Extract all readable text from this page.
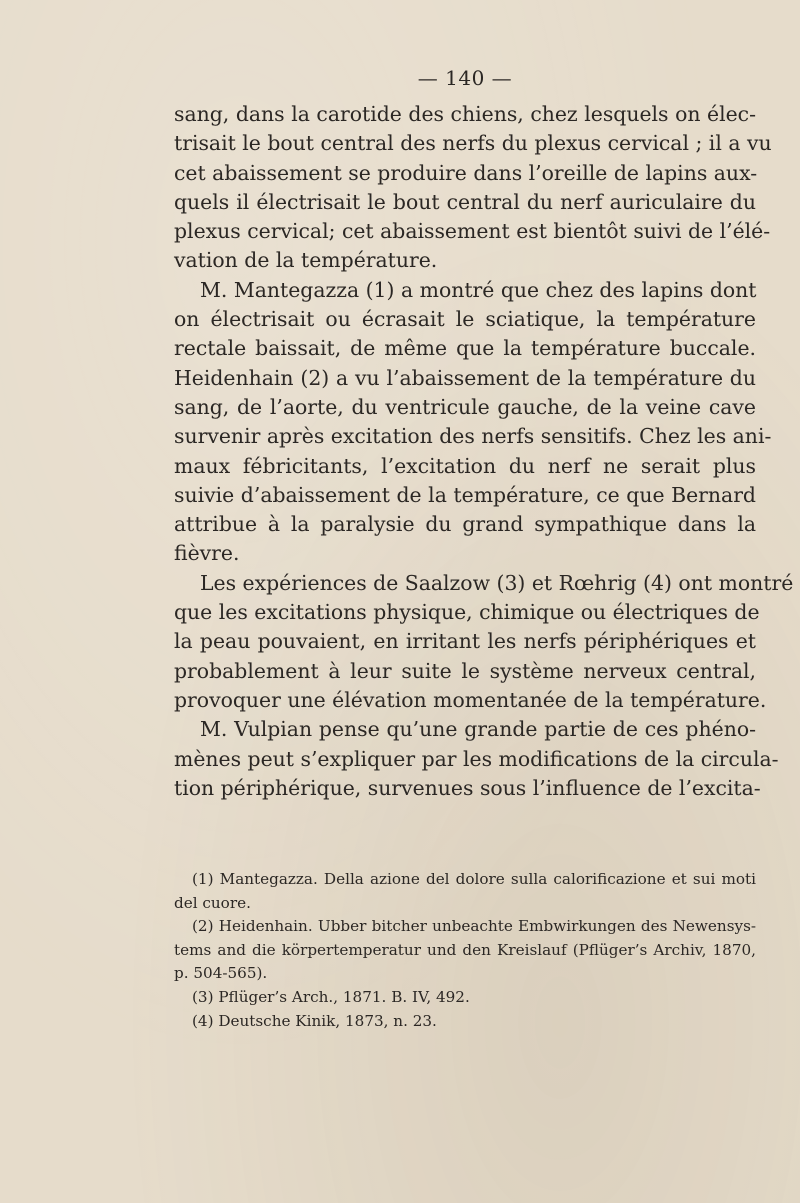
— 140 —
sang, dans la carotide des chiens, chez lesquels on élec-
trisait le bout central des nerfs du plexus cervical ; il a vu
cet abaissement se produire dans l’oreille de lapins aux-
quels il électrisait le bout central du nerf auriculaire du
plexus cervical; cet abaissement est bientôt suivi de l’élé-
vation de la température.
M. Mantegazza (1) a montré que chez des lapins dont
on électrisait ou écrasait le sciatique, la température
rectale baissait, de même que la température buccale.
Heidenhain (2) a vu l’abaissement de la température du
sang, de l’aorte, du ventricule gauche, de la veine cave
survenir après excitation des nerfs sensitifs. Chez les ani-
maux fébricitants, l’excitation du nerf ne serait plus
suivie d’abaissement de la température, ce que Bernard
attribue à la paralysie du grand sympathique dans la
fièvre.
Les expériences de Saalzow (3) et Rœhrig (4) ont montré
que les excitations physique, chimique ou électriques de
la peau pouvaient, en irritant les nerfs périphériques et
probablement à leur suite le système nerveux central,
provoquer une élévation momentanée de la température.
M. Vulpian pense qu’une grande partie de ces phéno-
mènes peut s’expliquer par les modifications de la circula-
tion périphérique, survenues sous l’influence de l’excita-
(1) Mantegazza. Della azione del dolore sulla calorificazione et sui moti
del cuore.
(2) Heidenhain. Ubber bitcher unbeachte Embwirkungen des Newensys-
tems and die körpertemperatur und den Kreislauf (Pflüger’s Archiv, 1870,
p. 504-565).
(3) Pflüger’s Arch., 1871. B. IV, 492.
(4) Deutsche Kinik, 1873, n. 23.
